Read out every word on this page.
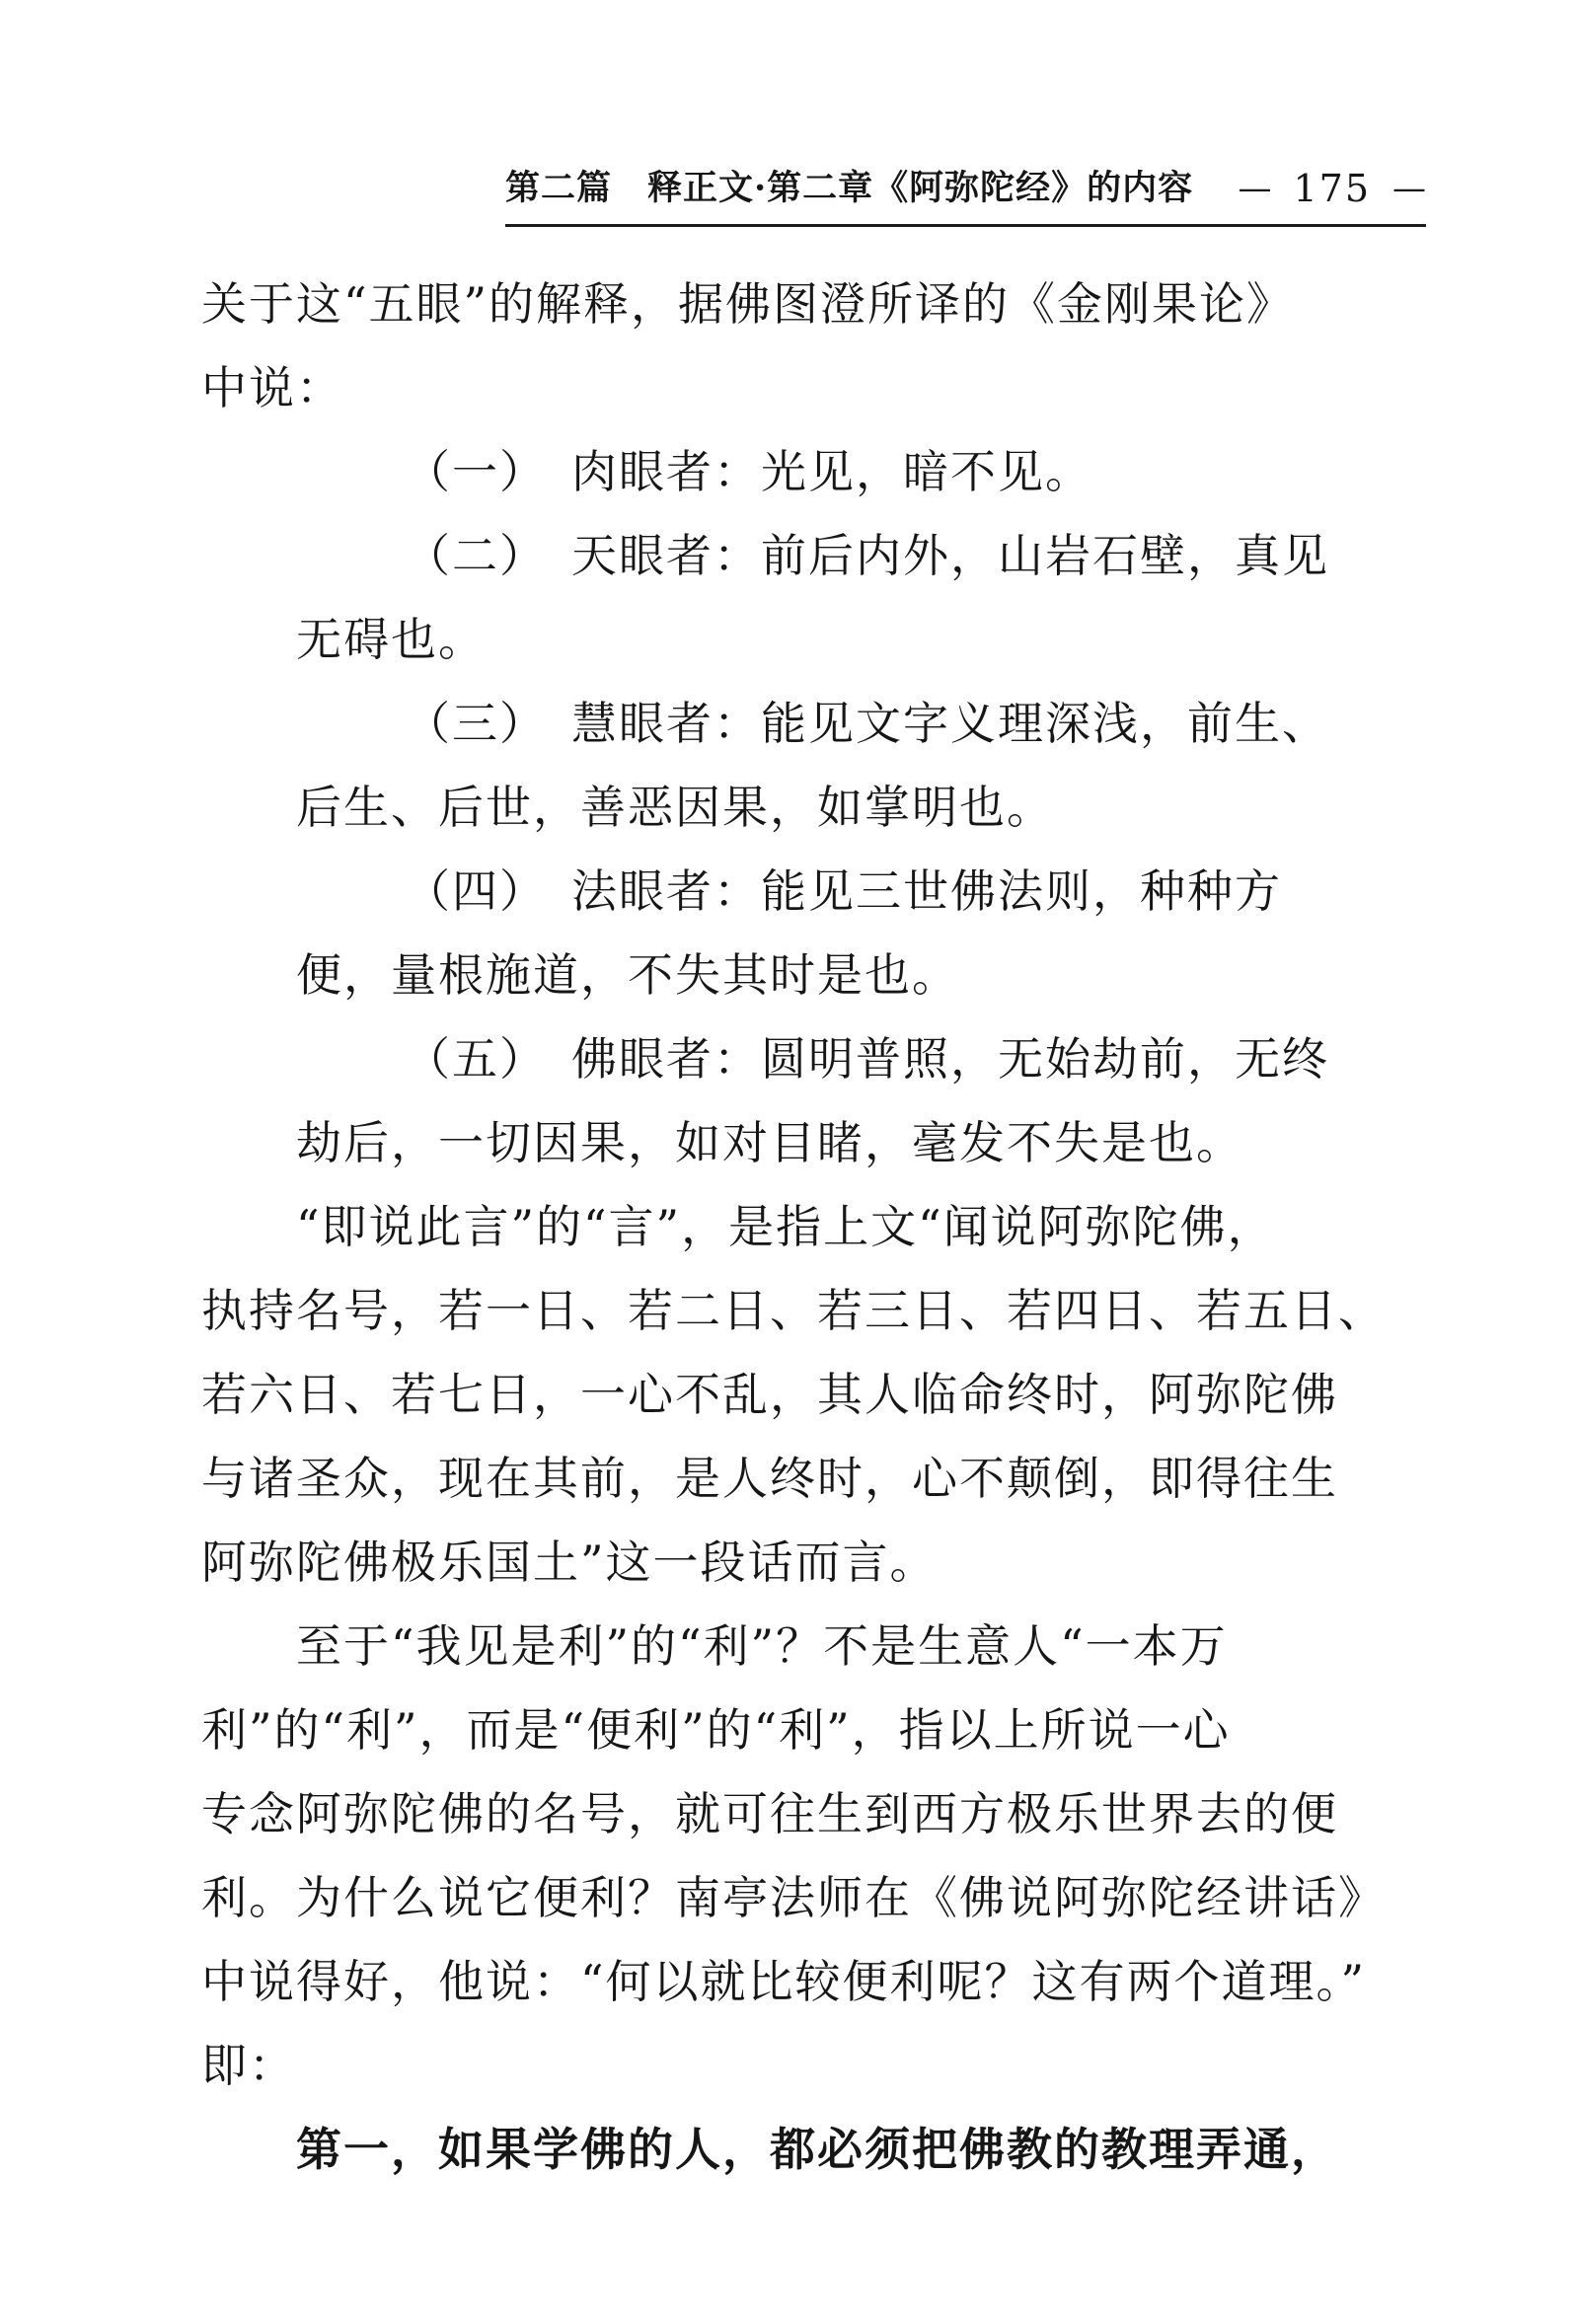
第二篇　释正文·第二章《阿弥陀经》的内容 — 175 —
关于这“五眼”的解释，据佛图澄所译的《金刚果论》
中说：
（一）　肉眼者：光见，暗不见。
（二）　天眼者：前后内外，山岩石壁，真见
无碍也。
（三）　慧眼者：能见文字义理深浅，前生、
后生、后世，善恶因果，如掌明也。
（四）　法眼者：能见三世佛法则，种种方
便，量根施道，不失其时是也。
（五）　佛眼者：圆明普照，无始劫前，无终
劫后，一切因果，如对目睹，毫发不失是也。
“即说此言”的“言”，是指上文“闻说阿弥陀佛，
执持名号，若一日、若二日、若三日、若四日、若五日、
若六日、若七日，一心不乱，其人临命终时，阿弥陀佛
与诸圣众，现在其前，是人终时，心不颠倒，即得往生
阿弥陀佛极乐国土”这一段话而言。
至于“我见是利”的“利”？不是生意人“一本万
利”的“利”，而是“便利”的“利”，指以上所说一心
专念阿弥陀佛的名号，就可往生到西方极乐世界去的便
利。为什么说它便利？南亭法师在《佛说阿弥陀经讲话》
中说得好，他说：“何以就比较便利呢？这有两个道理。”
即：
第一，如果学佛的人，都必须把佛教的教理弄通，
